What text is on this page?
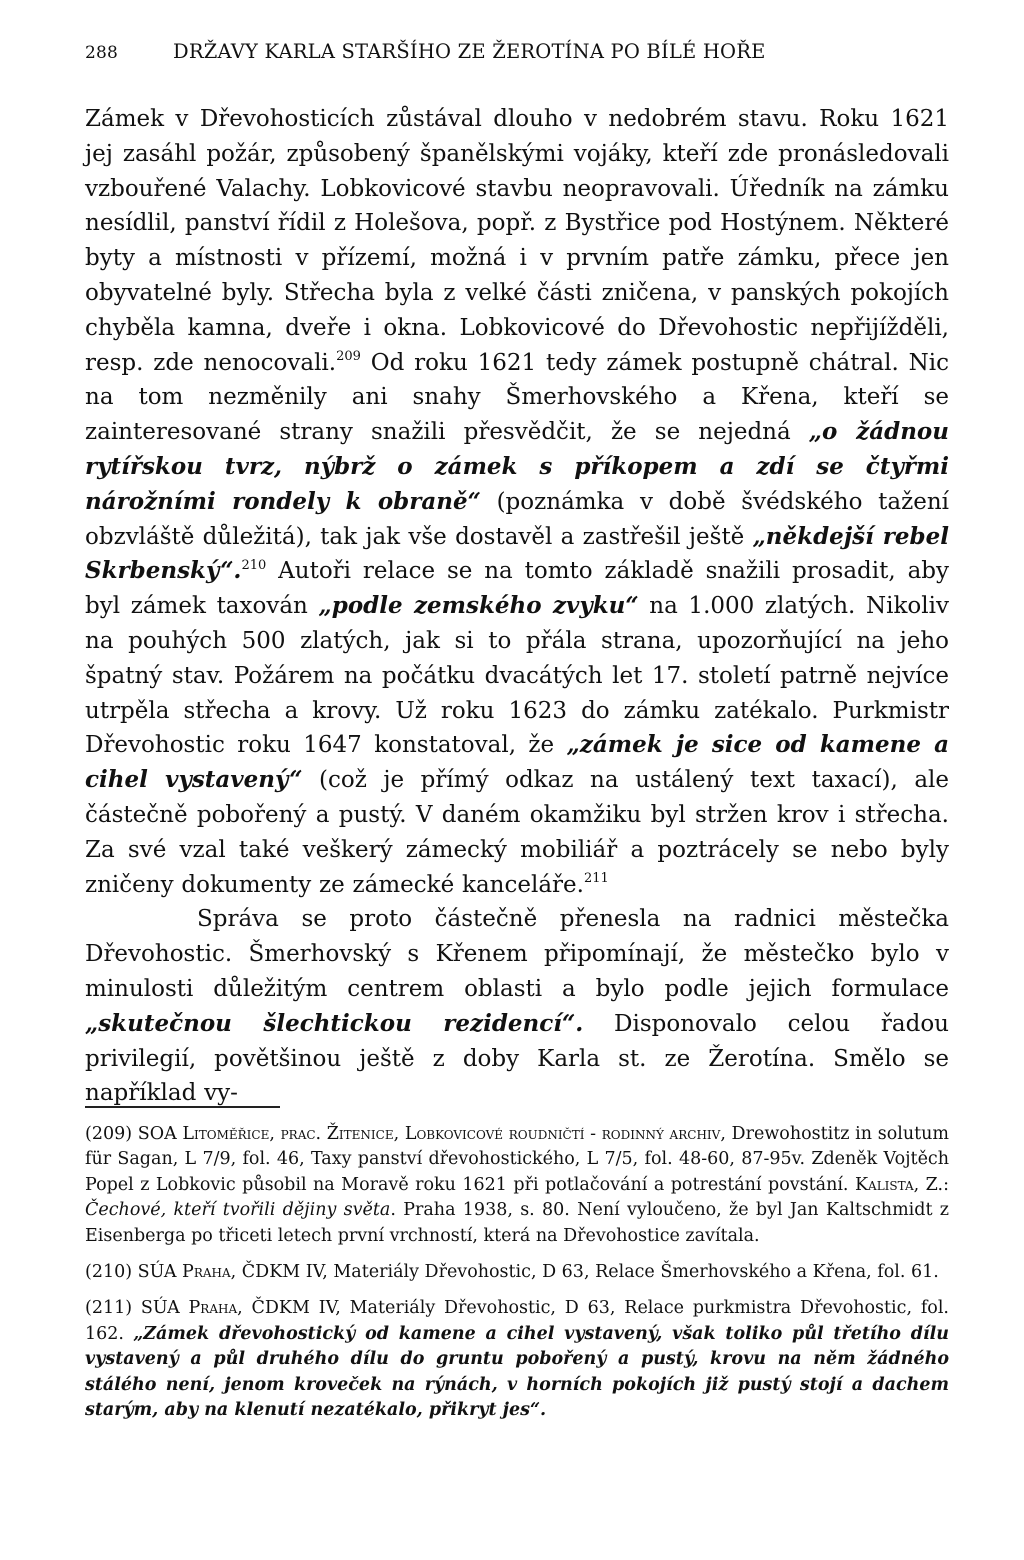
288	DRŽAVY KARLA STARŠÍHO ZE ŽEROTÍNA PO BÍLÉ HOŘE

Zámek v Dřevohosticích zůstával dlouho v nedobrém stavu. Roku 1621 jej zasáhl požár, způsobený španělskými vojáky, kteří zde pronásledovali vzbouřené Valachy. Lobkovicové stavbu neopravovali. Úředník na zámku nesídlil, panství řídil z Holešova, popř. z Bystřice pod Hostýnem. Některé byty a místnosti v přízemí, možná i v prvním patře zámku, přece jen obyvatelné byly. Střecha byla z velké části zničena, v panských pokojích chyběla kamna, dveře i okna. Lobkovicové do Dřevohostic nepřijížděli, resp. zde nenocovali.$^{209}$ Od roku 1621 tedy zámek postupně chátral. Nic na tom nezměnily ani snahy Šmerhovského a Křena, kteří se zainteresované strany snažili přesvědčit, že se nejedná „o žádnou rytířskou tvrz, nýbrž o zámek s příkopem a zdí se čtyřmi nárožními rondely k obraně“ (poznámka v době švédského tažení obzvláště důležitá), tak jak vše dostavěl a zastřešil ještě „někdejší rebel Skrbenský“.$^{210}$ Autoři relace se na tomto základě snažili prosadit, aby byl zámek taxován „podle zemského zvyku“ na 1.000 zlatých. Nikoliv na pouhých 500 zlatých, jak si to přála strana, upozorňující na jeho špatný stav. Požárem na počátku dvacátých let 17. století patrně nejvíce utrpěla střecha a krovy. Už roku 1623 do zámku zatékalo. Purkmistr Dřevohostic roku 1647 konstatoval, že „zámek je sice od kamene a cihel vystavený“ (což je přímý odkaz na ustálený text taxací), ale částečně pobořený a pustý. V daném okamžiku byl stržen krov i střecha. Za své vzal také veškerý zámecký mobiliář a poztrácely se nebo byly zničeny dokumenty ze zámecké kanceláře.$^{211}$

Správa se proto částečně přenesla na radnici městečka Dřevohostic. Šmerhovský s Křenem připomínají, že městečko bylo v minulosti důležitým centrem oblasti a bylo podle jejich formulace „skutečnou šlechtickou rezidencí“. Disponovalo celou řadou privilegií, povětšinou ještě z doby Karla st. ze Žerotína. Smělo se například vy-

(209) SOA Litoměřice, prac. Žitenice, Lobkovicové roudničtí - rodinný archiv, Drewohostitz in solutum für Sagan, L 7/9, fol. 46, Taxy panství dřevohostického, L 7/5, fol. 48-60, 87-95v. Zdeněk Vojtěch Popel z Lobkovic působil na Moravě roku 1621 při potlačování a potrestání povstání. Kalista, Z.: Čechové, kteří tvořili dějiny světa. Praha 1938, s. 80. Není vyloučeno, že byl Jan Kaltschmidt z Eisenberga po třiceti letech první vrchností, která na Dřevohostice zavítala.

(210) SÚA Praha, ČDKM IV, Materiály Dřevohostic, D 63, Relace Šmerhovského a Křena, fol. 61.

(211) SÚA Praha, ČDKM IV, Materiály Dřevohostic, D 63, Relace purkmistra Dřevohostic, fol. 162. „Zámek dřevohostický od kamene a cihel vystavený, však toliko půl třetího dílu vystavený a půl druhého dílu do gruntu pobořený a pustý, krovu na něm žádného stálého není, jenom kroveček na rýnách, v horních pokojích již pustý stojí a dachem starým, aby na klenutí nezatékalo, přikryt jes“.
